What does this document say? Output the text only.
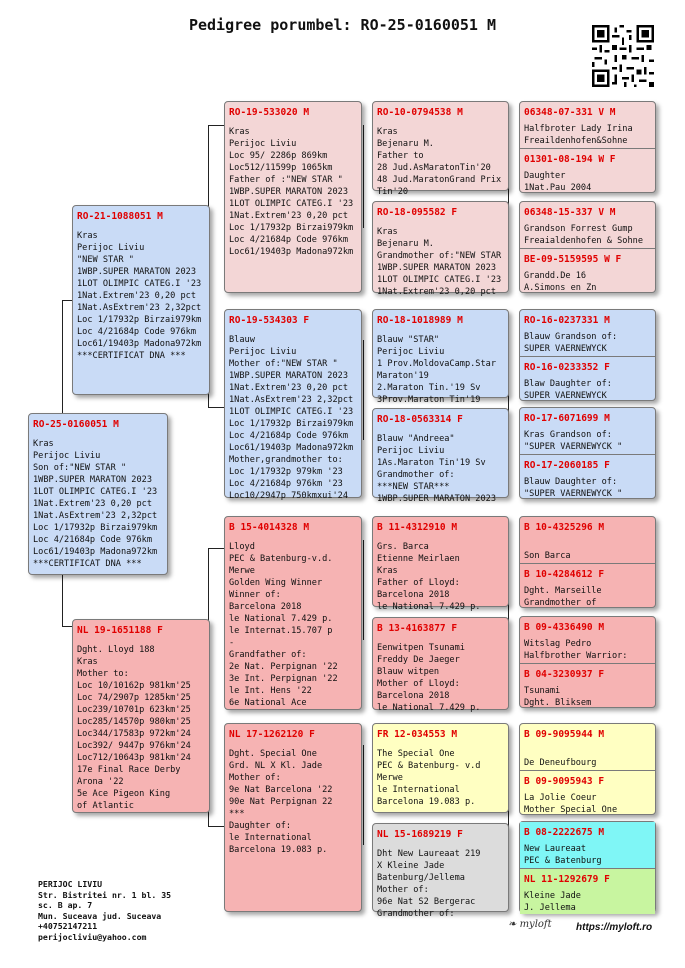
Pedigree porumbel: RO-25-0160051 M
RO-25-0160051 M
Kras
Perijoc Liviu
Son of:"NEW STAR "
1WBP.SUPER MARATON 2023
1LOT OLIMPIC CATEG.I '23
1Nat.Extrem'23 0,20 pct
1Nat.AsExtrem'23 2,32pct
Loc 1/17932p Birzai979km
Loc 4/21684p Code 976km
Loc61/19403p Madona972km
***CERTIFICAT DNA ***
RO-21-1088051 M
Kras
Perijoc Liviu
"NEW STAR "
1WBP.SUPER MARATON 2023
1LOT OLIMPIC CATEG.I '23
1Nat.Extrem'23 0,20 pct
1Nat.AsExtrem'23 2,32pct
Loc 1/17932p Birzai979km
Loc 4/21684p Code 976km
Loc61/19403p Madona972km
***CERTIFICAT DNA ***
NL 19-1651188 F
Dght. Lloyd 188
Kras
Mother to:
Loc 10/10162p 981km'25
Loc 74/2907p 1285km'25
Loc239/10701p 623km'25
Loc285/14570p 980km'25
Loc344/17583p 972km'24
Loc392/ 9447p 976km'24
Loc712/10643p 981km'24
17e Final Race Derby
Arona '22
5e Ace Pigeon King
of Atlantic
RO-19-533020 M
Kras
Perijoc Liviu
Loc 95/ 2286p 869km
Loc512/11599p 1065km
Father of :"NEW STAR "
1WBP.SUPER MARATON 2023
1LOT OLIMPIC CATEG.I '23
1Nat.Extrem'23 0,20 pct
Loc 1/17932p Birzai979km
Loc 4/21684p Code 976km
Loc61/19403p Madona972km
RO-19-534303 F
Blauw
Perijoc Liviu
Mother of:"NEW STAR "
1WBP.SUPER MARATON 2023
1Nat.Extrem'23 0,20 pct
1Nat.AsExtrem'23 2,32pct
1LOT OLIMPIC CATEG.I '23
Loc 1/17932p Birzai979km
Loc 4/21684p Code 976km
Loc61/19403p Madona972km
Mother,grandmother to:
Loc 1/17932p 979km '23
Loc 4/21684p 976km '23
Loc10/2947p 750kmxui'24
B 15-4014328 M
Lloyd
PEC & Batenburg-v.d.
Merwe
Golden Wing Winner
Winner of:
Barcelona 2018
le National 7.429 p.
le Internat.15.707 p
-
Grandfather of:
2e Nat. Perpignan '22
3e Int. Perpignan '22
le Int. Hens '22
6e National Ace
NL 17-1262120 F
Dght. Special One
Grd. NL X Kl. Jade
Mother of:
9e Nat Barcelona '22
90e Nat Perpignan 22
***
Daughter of:
le International
Barcelona 19.083 p.
RO-10-0794538 M
Kras
Bejenaru M.
Father to
28 Jud.AsMaratonTin'20
48 Jud.MaratonGrand Prix
Tin'20
RO-18-095582 F
Kras
Bejenaru M.
Grandmother of:"NEW STAR
1WBP.SUPER MARATON 2023
1LOT OLIMPIC CATEG.I '23
1Nat.Extrem'23 0,20 pct
RO-18-1018989 M
Blauw "STAR"
Perijoc Liviu
1 Prov.MoldovaCamp.Star
Maraton'19
2.Maraton Tin.'19 Sv
3Prov.Maraton Tin'19
RO-18-0563314 F
Blauw "Andreea"
Perijoc Liviu
1As.Maraton Tin'19 Sv
Grandmother of:
***NEW STAR***
1WBP.SUPER MARATON 2023
B 11-4312910 M
Grs. Barca
Etienne Meirlaen
Kras
Father of Lloyd:
Barcelona 2018
le National 7.429 p.
B 13-4163877 F
Eenwitpen Tsunami
Freddy De Jaeger
Blauw witpen
Mother of Lloyd:
Barcelona 2018
le National 7.429 p.
FR 12-034553 M
The Special One
PEC & Batenburg- v.d
Merwe
le International
Barcelona 19.083 p.
NL 15-1689219 F
Dht New Laureaat 219
X Kleine Jade
Batenburg/Jellema
Mother of:
96e Nat S2 Bergerac
Grandmother of:
06348-07-331 V M
Halfbroter Lady Irina
Freaildenhofen&Sohne
01301-08-194 W F
Daughter
1Nat.Pau 2004
06348-15-337 V M
Grandson Forrest Gump
Freaialdenhofen & Sohne
BE-09-5159595 W F
Grandd.De 16
A.Simons en Zn
RO-16-0237331 M
Blauw Grandson of:
SUPER VAERNEWYCK
RO-16-0233352 F
Blaw Daughter of:
SUPER VAERNEWYCK
RO-17-6071699 M
Kras Grandson of:
"SUPER VAERNEWYCK "
RO-17-2060185 F
Blauw Daughter of:
"SUPER VAERNEWYCK "
B 10-4325296 M

Son Barca
B 10-4284612 F
Dght. Marseille
Grandmother of
B 09-4336490 M
Witslag Pedro
Halfbrother Warrior:
B 04-3230937 F
Tsunami
Dght. Bliksem
B 09-9095944 M

De Deneufbourg
B 09-9095943 F
La Jolie Coeur
Mother Special One
B 08-2222675 M
New Laureaat
PEC & Batenburg
NL 11-1292679 F
Kleine Jade
J. Jellema
PERIJOC LIVIU
Str. Bistritei nr. 1 bl. 35
sc. B ap. 7
Mun. Suceava jud. Suceava
+40752147211
perijocliviu@yahoo.com
❧ myloft https://myloft.ro
